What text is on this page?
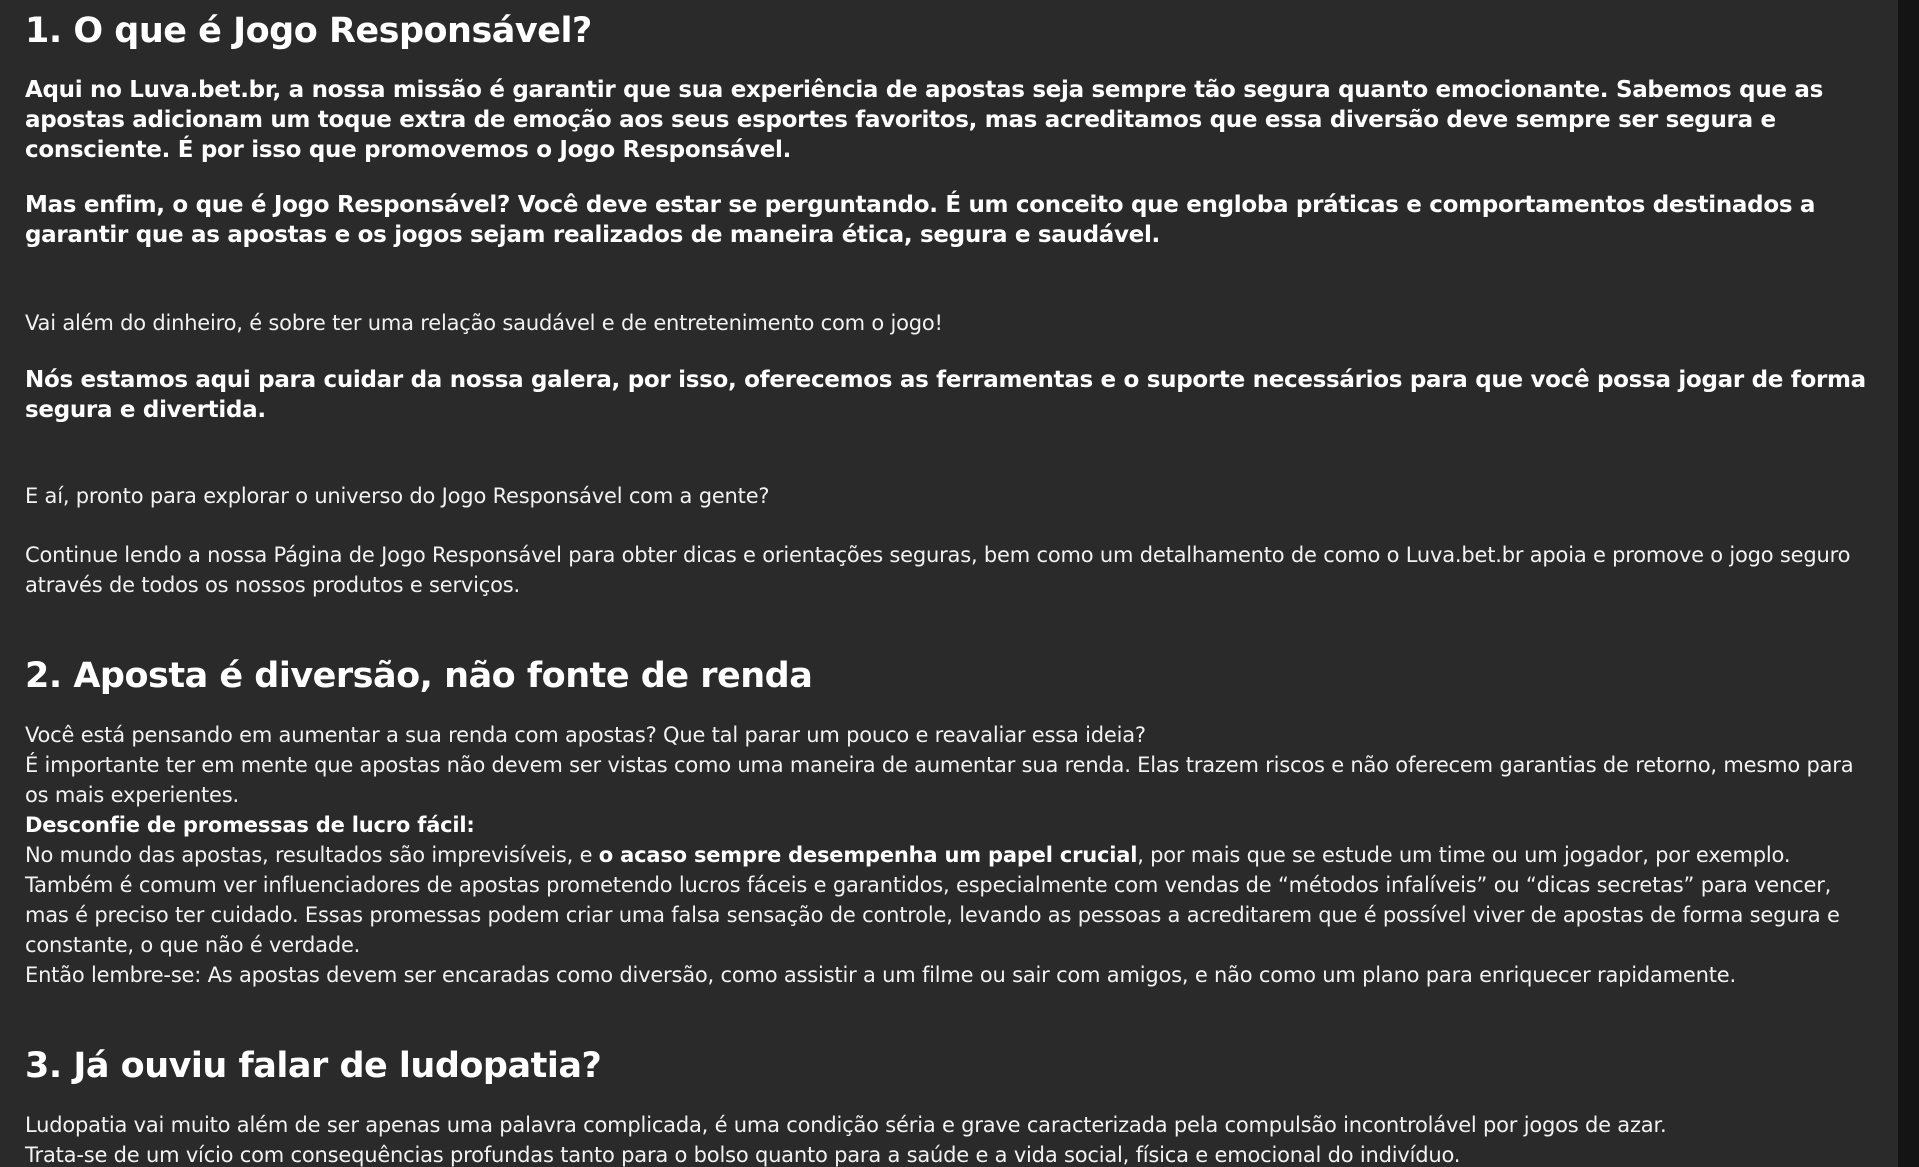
1. O que é Jogo Responsável?

Aqui no Luva.bet.br, a nossa missão é garantir que sua experiência de apostas seja sempre tão segura quanto emocionante. Sabemos que as apostas adicionam um toque extra de emoção aos seus esportes favoritos, mas acreditamos que essa diversão deve sempre ser segura e consciente. É por isso que promovemos o Jogo Responsável.

Mas enfim, o que é Jogo Responsável? Você deve estar se perguntando. É um conceito que engloba práticas e comportamentos destinados a garantir que as apostas e os jogos sejam realizados de maneira ética, segura e saudável.

Vai além do dinheiro, é sobre ter uma relação saudável e de entretenimento com o jogo!

Nós estamos aqui para cuidar da nossa galera, por isso, oferecemos as ferramentas e o suporte necessários para que você possa jogar de forma segura e divertida.

E aí, pronto para explorar o universo do Jogo Responsável com a gente?

Continue lendo a nossa Página de Jogo Responsável para obter dicas e orientações seguras, bem como um detalhamento de como o Luva.bet.br apoia e promove o jogo seguro através de todos os nossos produtos e serviços.

2. Aposta é diversão, não fonte de renda

Você está pensando em aumentar a sua renda com apostas? Que tal parar um pouco e reavaliar essa ideia?

É importante ter em mente que apostas não devem ser vistas como uma maneira de aumentar sua renda. Elas trazem riscos e não oferecem garantias de retorno, mesmo para os mais experientes.

Desconfie de promessas de lucro fácil:

No mundo das apostas, resultados são imprevisíveis, e o acaso sempre desempenha um papel crucial, por mais que se estude um time ou um jogador, por exemplo.

Também é comum ver influenciadores de apostas prometendo lucros fáceis e garantidos, especialmente com vendas de “métodos infalíveis” ou “dicas secretas” para vencer, mas é preciso ter cuidado. Essas promessas podem criar uma falsa sensação de controle, levando as pessoas a acreditarem que é possível viver de apostas de forma segura e constante, o que não é verdade.

Então lembre-se: As apostas devem ser encaradas como diversão, como assistir a um filme ou sair com amigos, e não como um plano para enriquecer rapidamente.

3. Já ouviu falar de ludopatia?

Ludopatia vai muito além de ser apenas uma palavra complicada, é uma condição séria e grave caracterizada pela compulsão incontrolável por jogos de azar.

Trata-se de um vício com consequências profundas tanto para o bolso quanto para a saúde e a vida social, física e emocional do indivíduo.
